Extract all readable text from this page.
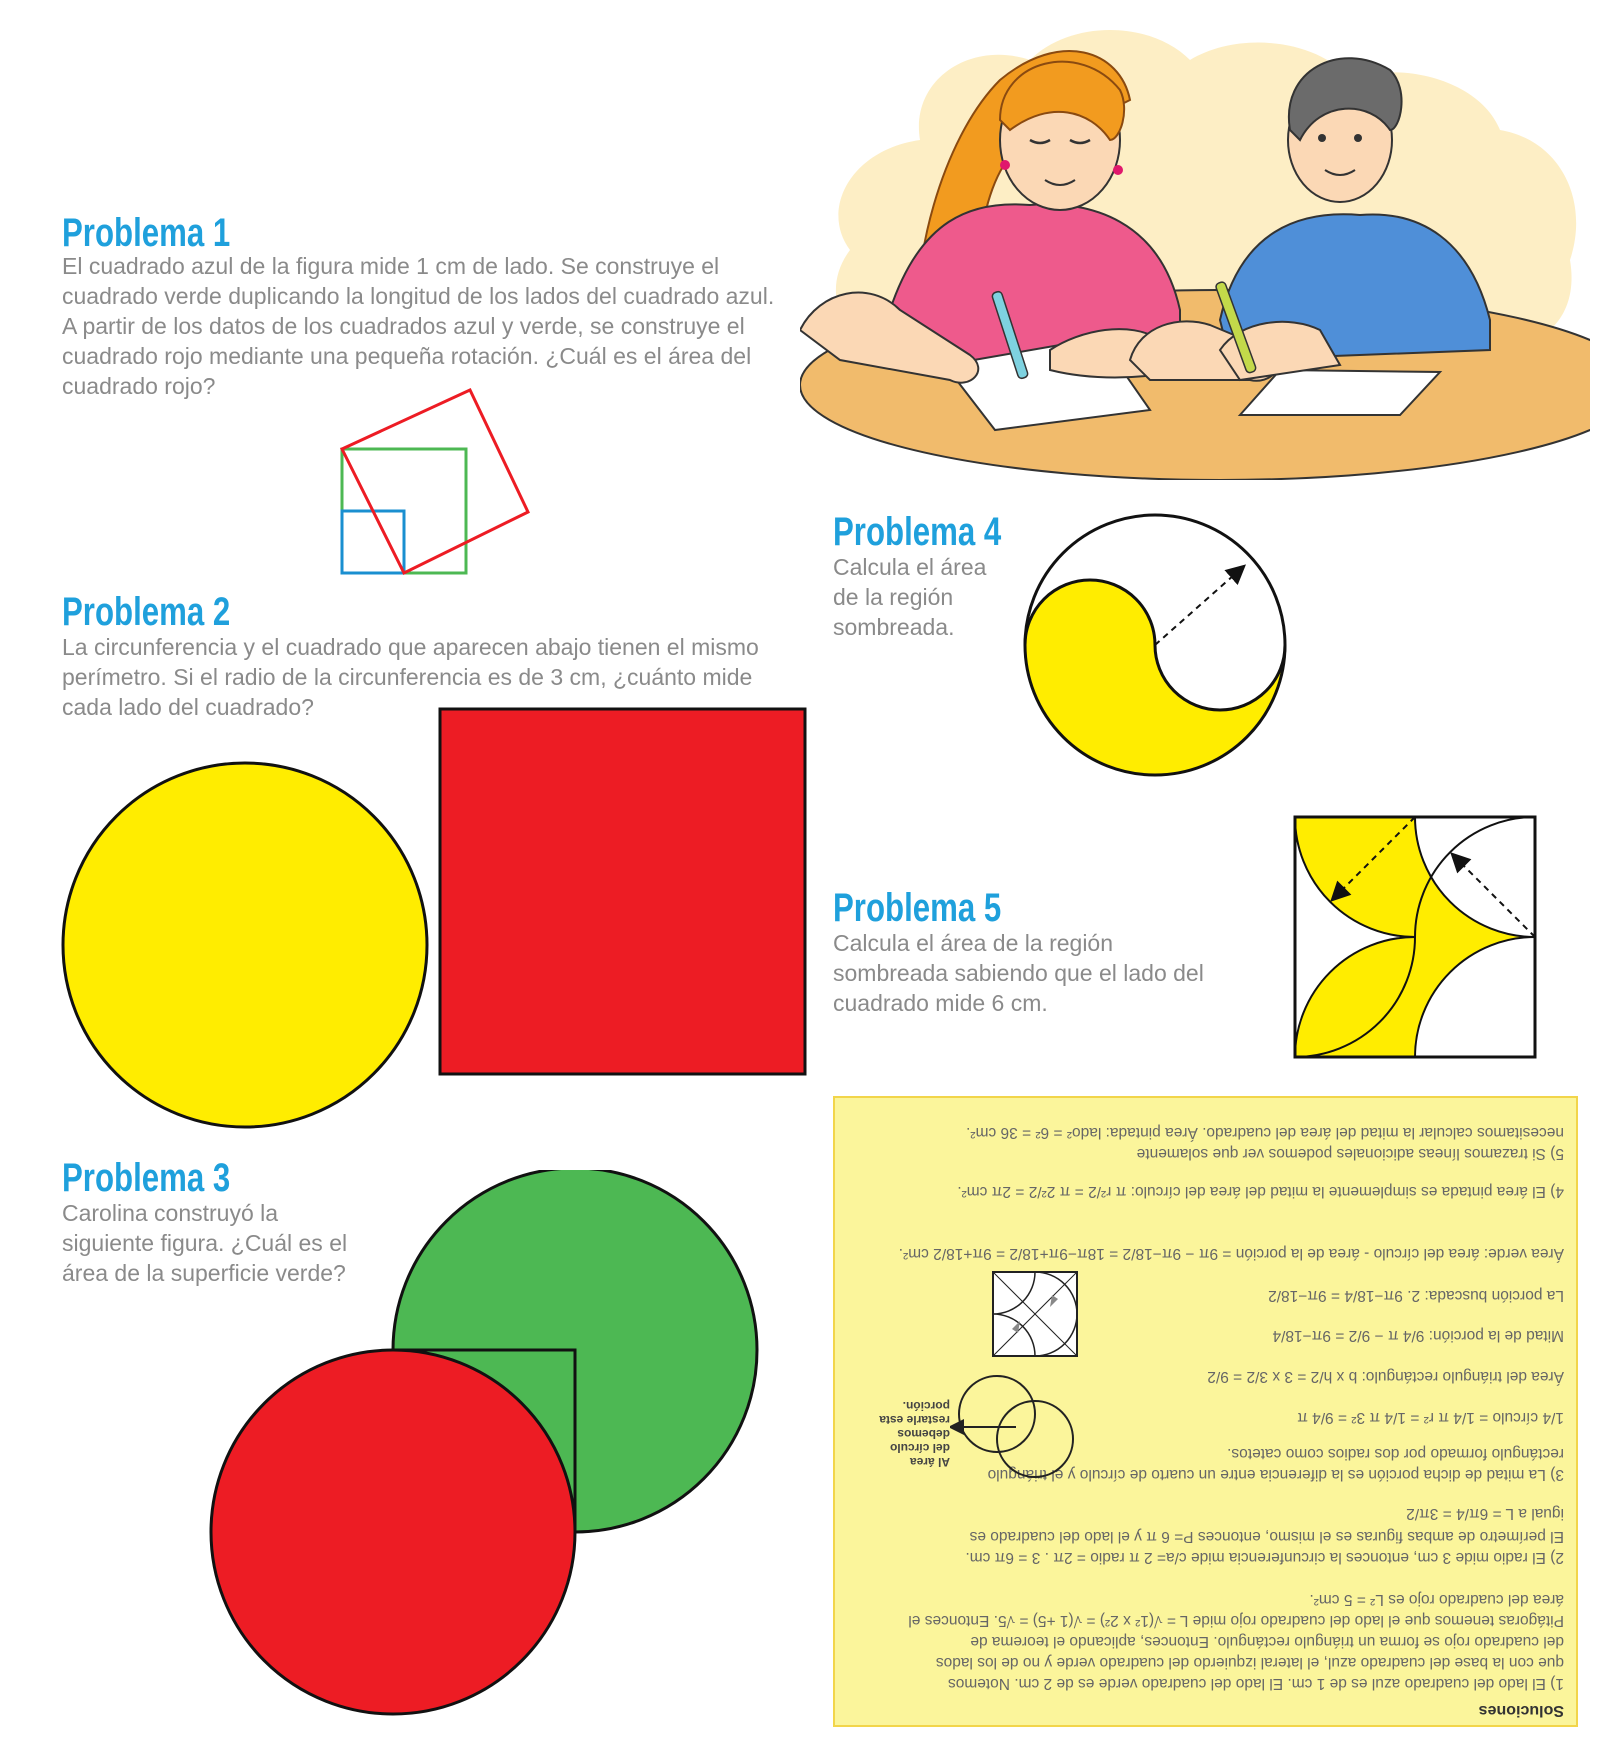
Problema 1
El cuadrado azul de la figura mide 1 cm de lado. Se construye el
cuadrado verde duplicando la longitud de los lados del cuadrado azul.
A partir de los datos de los cuadrados azul y verde, se construye el
cuadrado rojo mediante una pequeña rotación. ¿Cuál es el área del
cuadrado rojo?
Problema 2
La circunferencia y el cuadrado que aparecen abajo tienen el mismo
perímetro. Si el radio de la circunferencia es de 3 cm, ¿cuánto mide
cada lado del cuadrado?
Problema 3
Carolina construyó la
siguiente figura. ¿Cuál es el
área de la superficie verde?
Problema 4
Calcula el área
de la región
sombreada.
Problema 5
Calcula el área de la región
sombreada sabiendo que el lado del
cuadrado mide 6 cm.
Soluciones
1) El lado del cuadrado azul es de 1 cm. El lado del cuadrado verde es de 2 cm. Notemos
que con la base del cuadrado azul, el lateral izquierdo del cuadrado verde y no de los lados
del cuadrado rojo se forma un triángulo rectángulo. Entonces, aplicando el teorema de
Pitágoras tenemos que el lado del cuadrado rojo mide L = √(1² x 2²) = √(1 +5) = √5. Entonces el
área del cuadrado rojo es L² = 5 cm².
2) El radio mide 3 cm, entonces la circunferencia mide c/a= 2 π radio = 2π . 3 = 6π cm.
El perímetro de ambas figuras es el mismo, entonces P= 6 π y el lado del cuadrado es
igual a L = 6π/4 = 3π/2
3) La mitad de dicha porción es la diferencia entre un cuarto de círculo y el triángulo
rectángulo formado por dos radios como catetos.
1/4 círculo = 1/4 π r² = 1/4 π 3² = 9/4 π
Área del triángulo rectángulo: b x h/2 = 3 x 3/2 = 9/2
Mitad de la porción: 9/4 π − 9/2 = 9π−18/4
La porción buscada: 2. 9π−18/4 = 9π−18/2
Área verde: área del círculo - área de la porción = 9π − 9π−18/2 = 18π−9π+18/2 = 9π+18/2 cm².
4) El área pintada es simplemente la mitad del área del círculo: π r²/2 = π 2²/2 = 2π cm².
5) Si trazamos líneas adicionales podemos ver que solamente
necesitamos calcular la mitad del área del cuadrado. Área pintada: lado² = 6² = 36 cm².
Al área
del círculo
debemos
restarle esta
porción.
